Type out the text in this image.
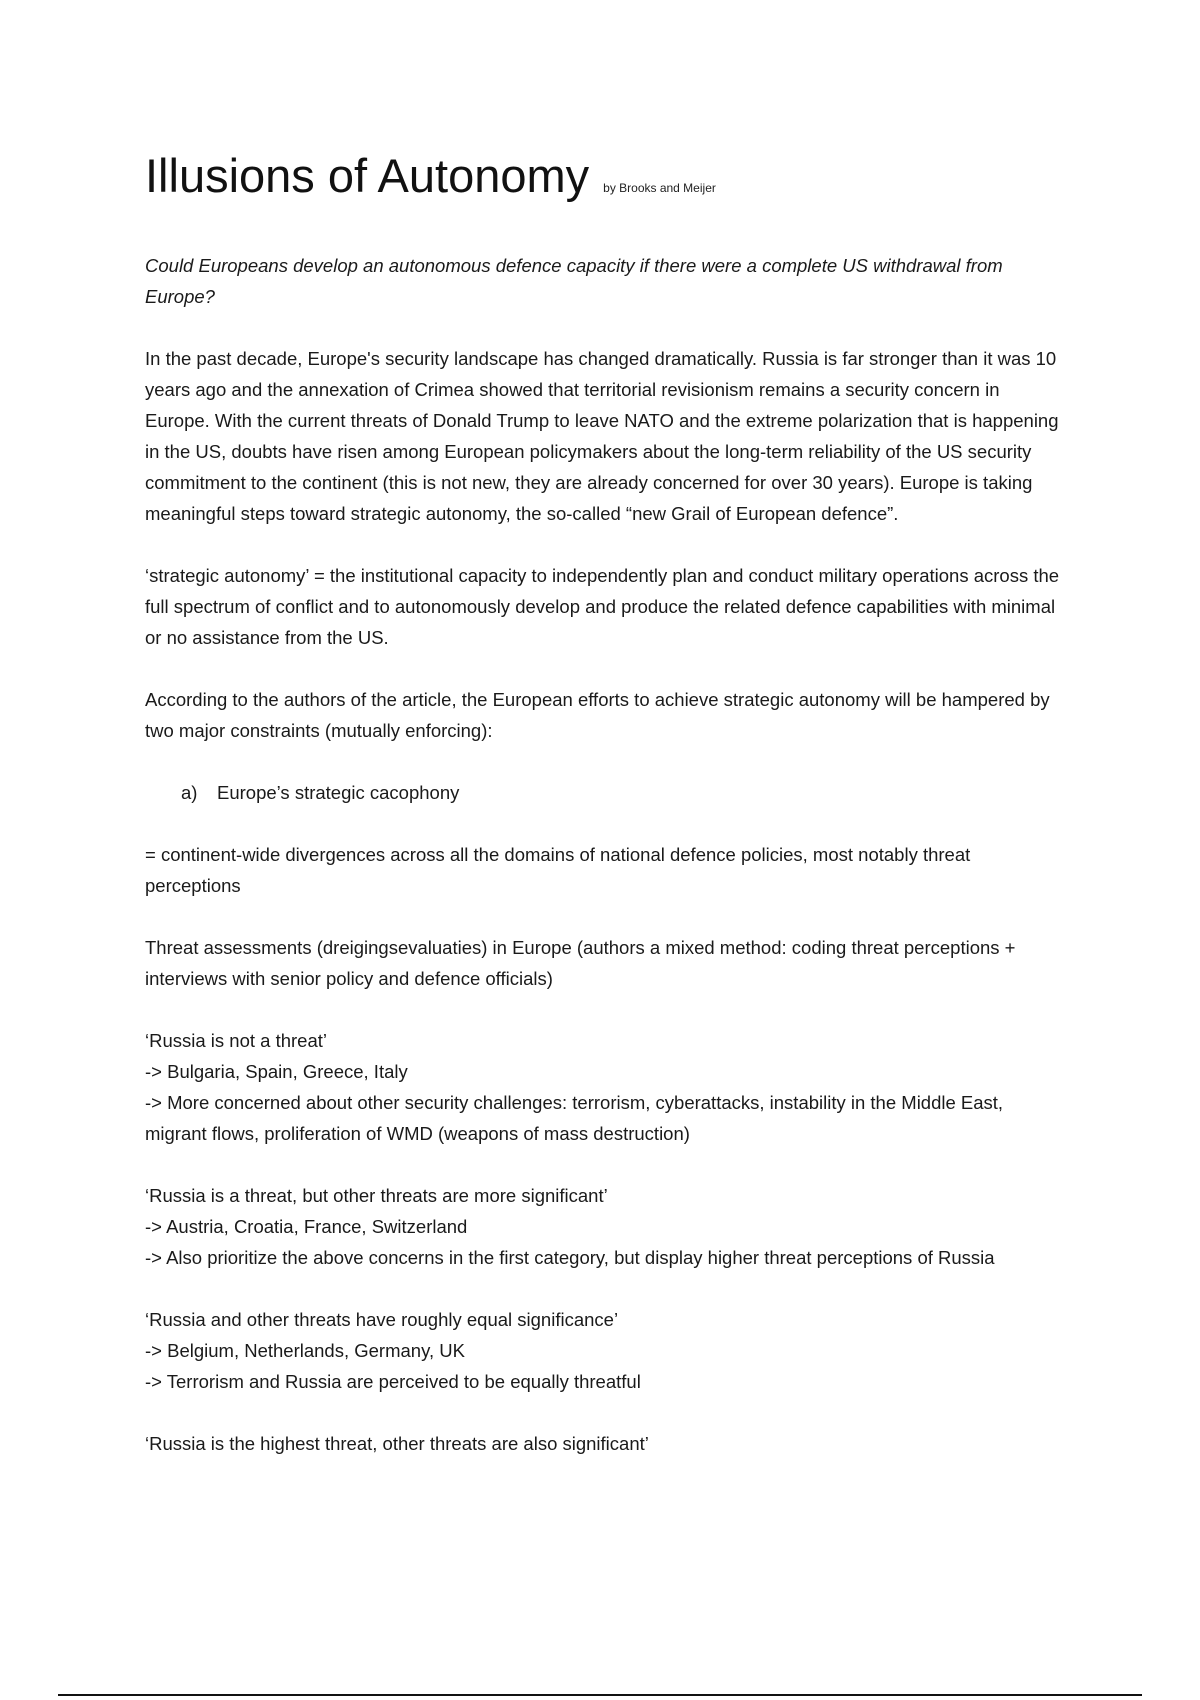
Illusions of Autonomy by Brooks and Meijer

Could Europeans develop an autonomous defence capacity if there were a complete US withdrawal from Europe?

In the past decade, Europe's security landscape has changed dramatically. Russia is far stronger than it was 10 years ago and the annexation of Crimea showed that territorial revisionism remains a security concern in Europe. With the current threats of Donald Trump to leave NATO and the extreme polarization that is happening in the US, doubts have risen among European policymakers about the long-term reliability of the US security commitment to the continent (this is not new, they are already concerned for over 30 years). Europe is taking meaningful steps toward strategic autonomy, the so-called “new Grail of European defence”.

‘strategic autonomy’ = the institutional capacity to independently plan and conduct military operations across the full spectrum of conflict and to autonomously develop and produce the related defence capabilities with minimal or no assistance from the US.

According to the authors of the article, the European efforts to achieve strategic autonomy will be hampered by two major constraints (mutually enforcing):

a) Europe’s strategic cacophony

= continent-wide divergences across all the domains of national defence policies, most notably threat perceptions

Threat assessments (dreigingsevaluaties) in Europe (authors a mixed method: coding threat perceptions + interviews with senior policy and defence officials)

‘Russia is not a threat’
-> Bulgaria, Spain, Greece, Italy
-> More concerned about other security challenges: terrorism, cyberattacks, instability in the Middle East, migrant flows, proliferation of WMD (weapons of mass destruction)
‘Russia is a threat, but other threats are more significant’
-> Austria, Croatia, France, Switzerland
-> Also prioritize the above concerns in the first category, but display higher threat perceptions of Russia
‘Russia and other threats have roughly equal significance’
-> Belgium, Netherlands, Germany, UK
-> Terrorism and Russia are perceived to be equally threatful
‘Russia is the highest threat, other threats are also significant’
